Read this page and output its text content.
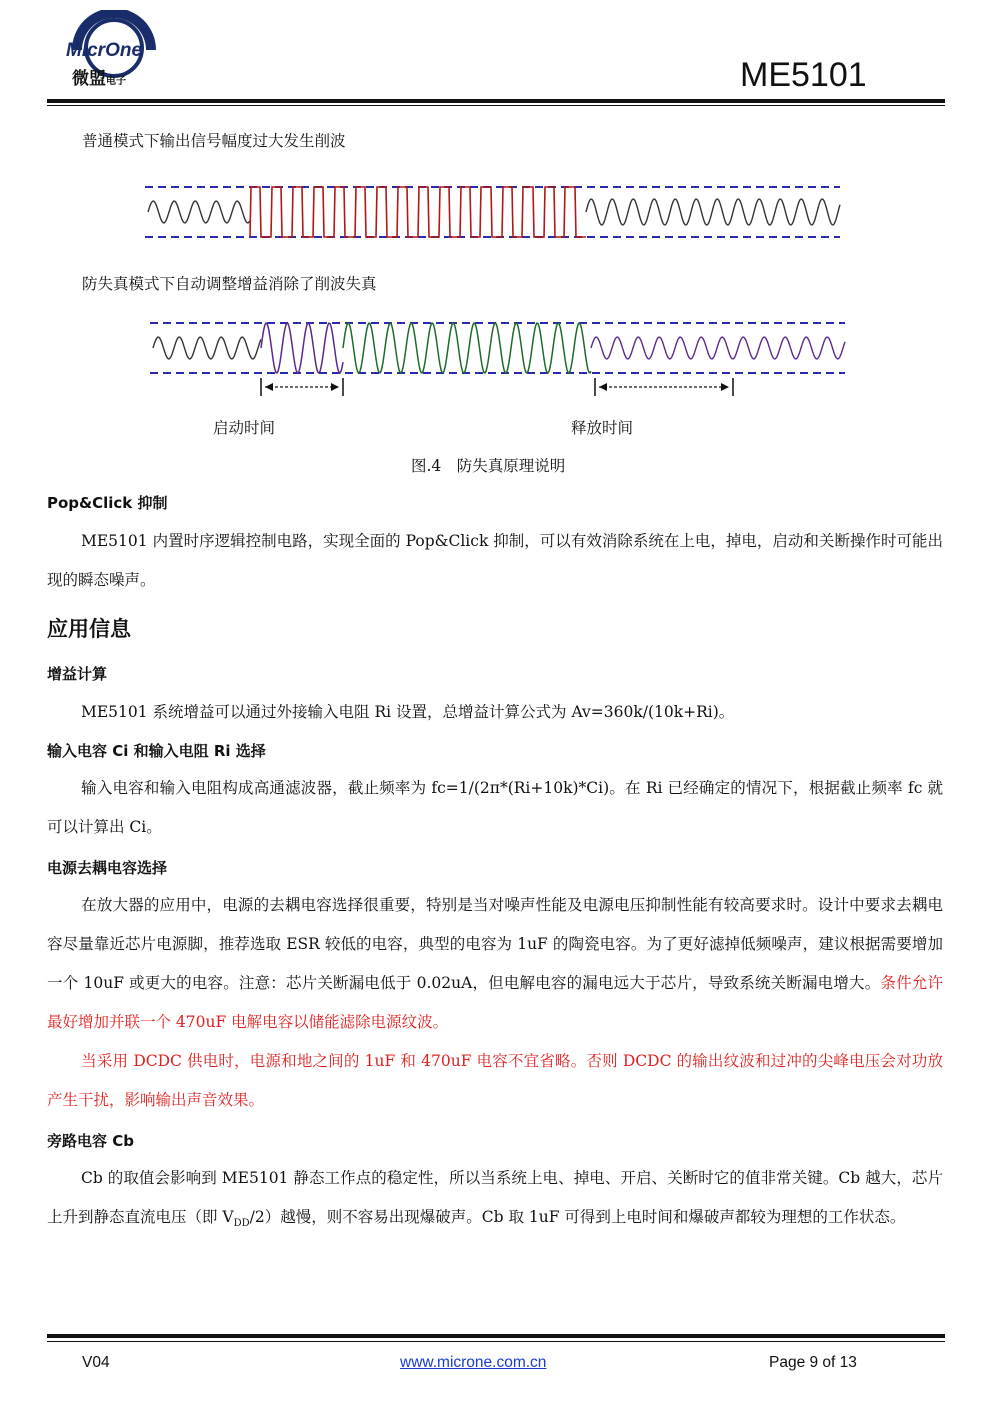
MicrOne
微盟电子	ME5101
普通模式下输出信号幅度过大发生削波
防失真模式下自动调整增益消除了削波失真
启动时间	释放时间
图.4　防失真原理说明
Pop&Click 抑制
ME5101 内置时序逻辑控制电路，实现全面的 Pop&Click 抑制，可以有效消除系统在上电，掉电，启动和关断操作时可能出现的瞬态噪声。
应用信息
增益计算
ME5101 系统增益可以通过外接输入电阻 Ri 设置，总增益计算公式为 Av=360k/(10k+Ri)。
输入电容 Ci 和输入电阻 Ri 选择
输入电容和输入电阻构成高通滤波器，截止频率为 fc=1/(2π*(Ri+10k)*Ci)。在 Ri 已经确定的情况下，根据截止频率 fc 就可以计算出 Ci。
电源去耦电容选择
在放大器的应用中，电源的去耦电容选择很重要，特别是当对噪声性能及电源电压抑制性能有较高要求时。设计中要求去耦电容尽量靠近芯片电源脚，推荐选取 ESR 较低的电容，典型的电容为 1uF 的陶瓷电容。为了更好滤掉低频噪声，建议根据需要增加一个 10uF 或更大的电容。注意：芯片关断漏电低于 0.02uA，但电解电容的漏电远大于芯片，导致系统关断漏电增大。条件允许最好增加并联一个 470uF 电解电容以储能滤除电源纹波。
当采用 DCDC 供电时，电源和地之间的 1uF 和 470uF 电容不宜省略。否则 DCDC 的输出纹波和过冲的尖峰电压会对功放产生干扰，影响输出声音效果。
旁路电容 Cb
Cb 的取值会影响到 ME5101 静态工作点的稳定性，所以当系统上电、掉电、开启、关断时它的值非常关键。Cb 越大，芯片上升到静态直流电压（即 $V_{DD}/2$）越慢，则不容易出现爆破声。Cb 取 1uF 可得到上电时间和爆破声都较为理想的工作状态。
V04	www.microne.com.cn	Page 9 of 13
